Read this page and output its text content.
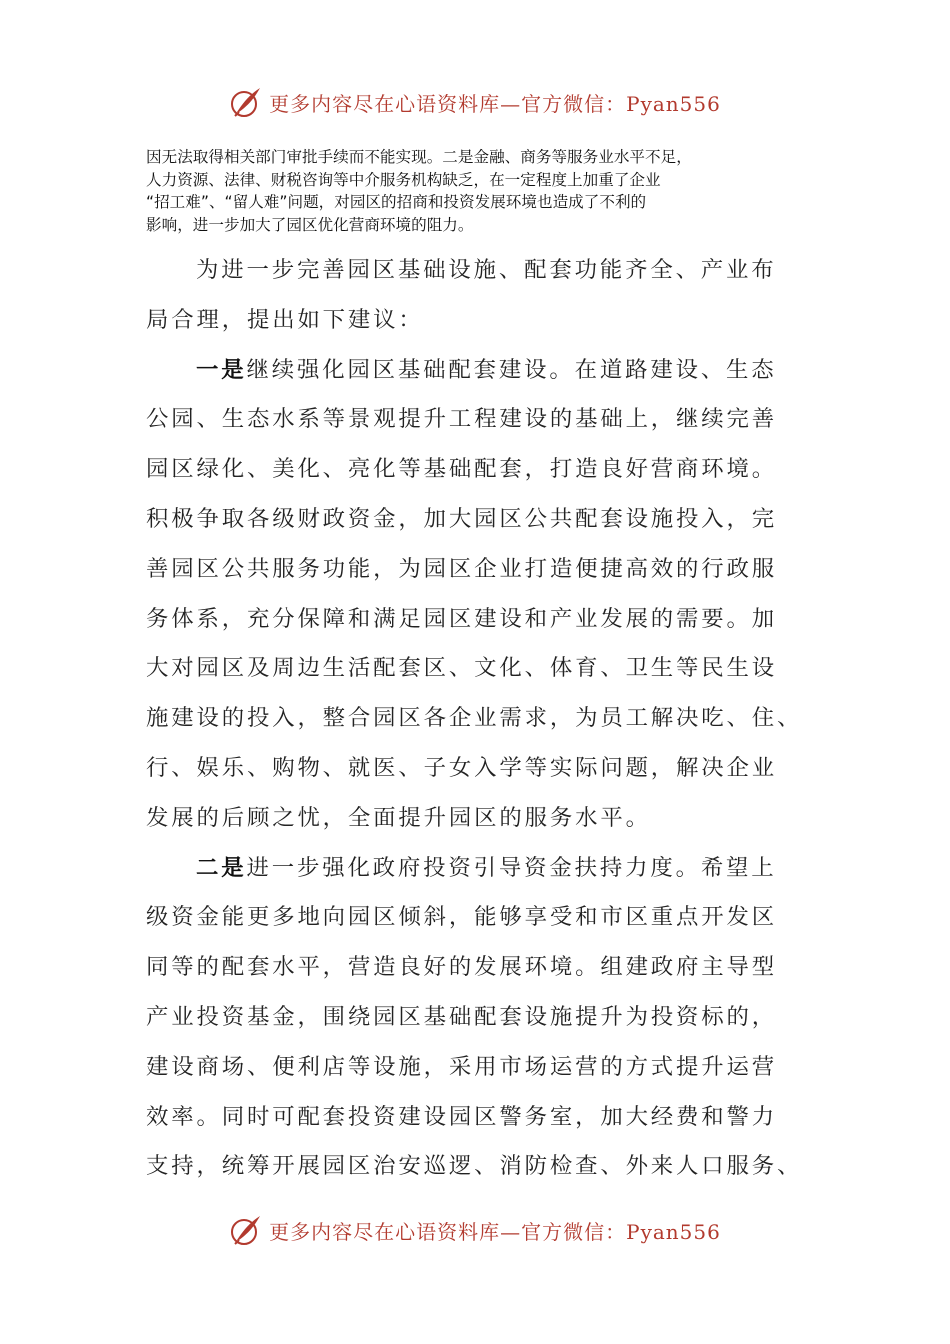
更多内容尽在心语资料库—官方微信：Pyan556

因无法取得相关部门审批手续而不能实现。二是金融、商务等服务业水平不足，

人力资源、法律、财税咨询等中介服务机构缺乏，在一定程度上加重了企业

“招工难”、“留人难”问题，对园区的招商和投资发展环境也造成了不利的

影响，进一步加大了园区优化营商环境的阻力。

为进一步完善园区基础设施、配套功能齐全、产业布

局合理，提出如下建议：

一是继续强化园区基础配套建设。在道路建设、生态

公园、生态水系等景观提升工程建设的基础上，继续完善

园区绿化、美化、亮化等基础配套，打造良好营商环境。

积极争取各级财政资金，加大园区公共配套设施投入，完

善园区公共服务功能，为园区企业打造便捷高效的行政服

务体系，充分保障和满足园区建设和产业发展的需要。加

大对园区及周边生活配套区、文化、体育、卫生等民生设

施建设的投入，整合园区各企业需求，为员工解决吃、住、

行、娱乐、购物、就医、子女入学等实际问题，解决企业

发展的后顾之忧，全面提升园区的服务水平。

二是进一步强化政府投资引导资金扶持力度。希望上

级资金能更多地向园区倾斜，能够享受和市区重点开发区

同等的配套水平，营造良好的发展环境。组建政府主导型

产业投资基金，围绕园区基础配套设施提升为投资标的，

建设商场、便利店等设施，采用市场运营的方式提升运营

效率。同时可配套投资建设园区警务室，加大经费和警力

支持，统筹开展园区治安巡逻、消防检查、外来人口服务、

更多内容尽在心语资料库—官方微信：Pyan556
